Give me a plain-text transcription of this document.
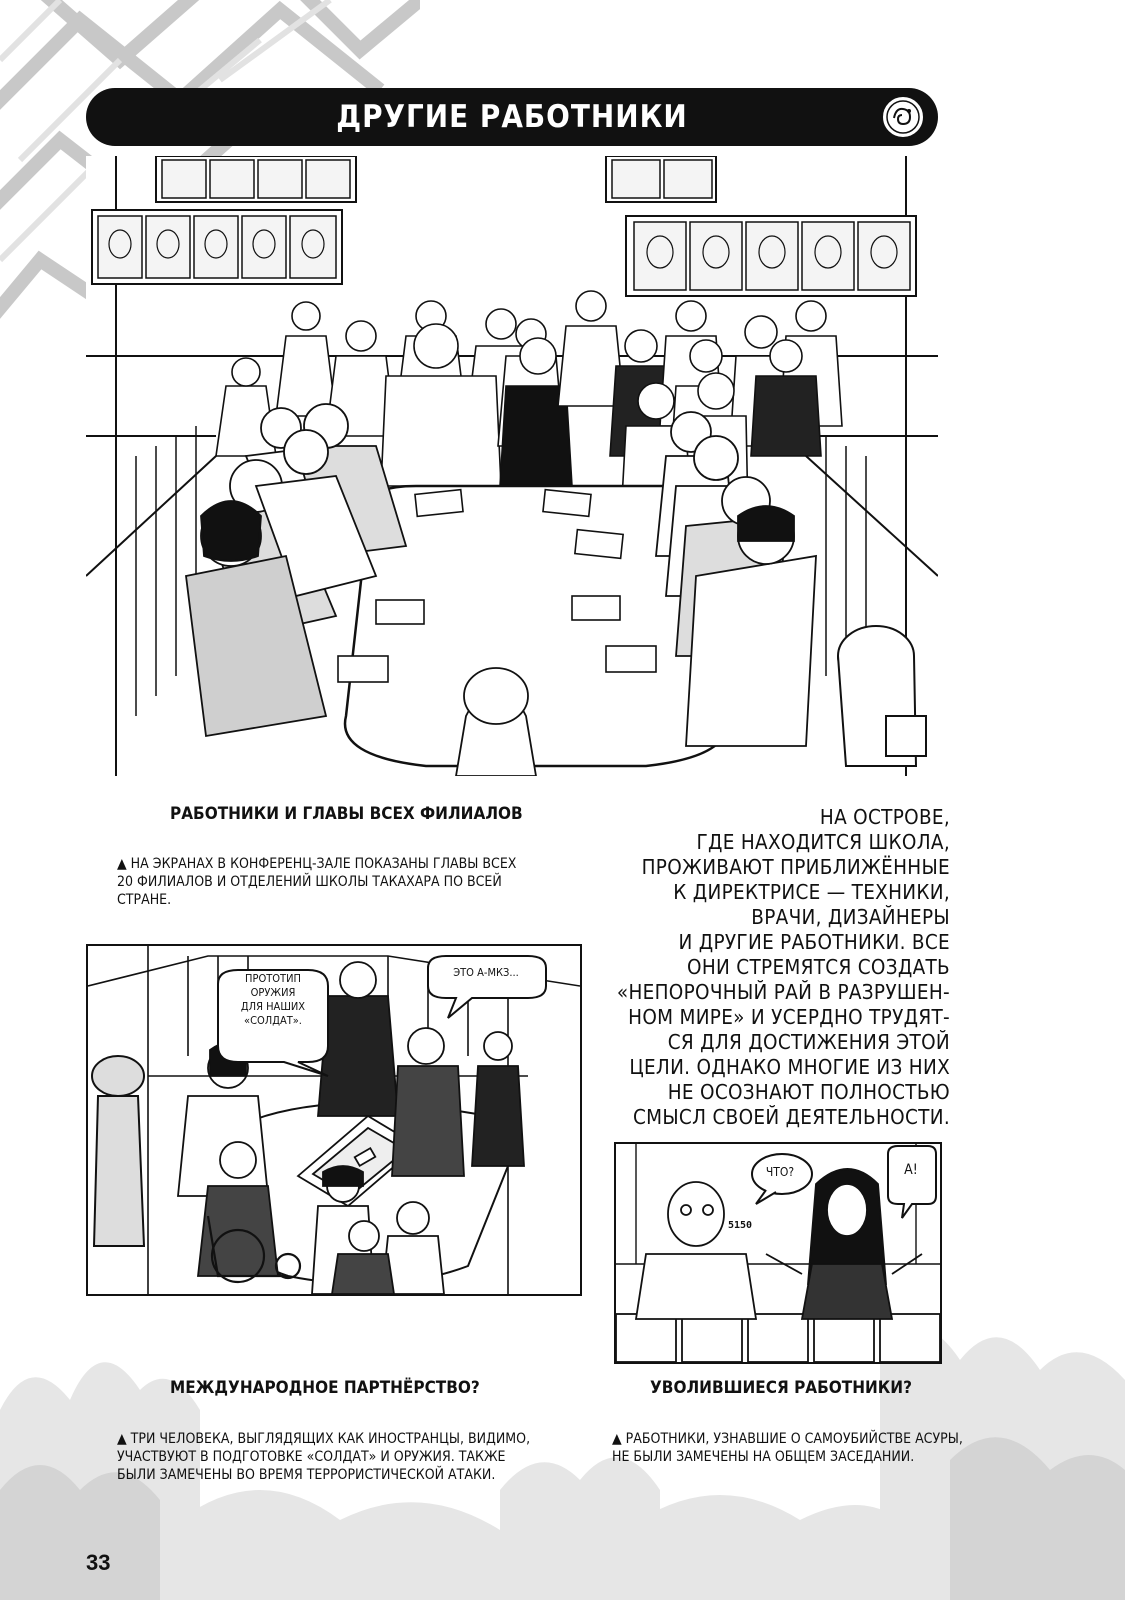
ДРУГИЕ РАБОТНИКИ
РАБОТНИКИ И ГЛАВЫ ВСЕХ ФИЛИАЛОВ
▲ НА ЭКРАНАХ В КОНФЕРЕНЦ-ЗАЛЕ ПОКАЗАНЫ ГЛАВЫ ВСЕХ
20 ФИЛИАЛОВ И ОТДЕЛЕНИЙ ШКОЛЫ ТАКАХАРА ПО ВСЕЙ
СТРАНЕ.
НА ОСТРОВЕ,
ГДЕ НАХОДИТСЯ ШКОЛА,
ПРОЖИВАЮТ ПРИБЛИЖЁННЫЕ
К ДИРЕКТРИСЕ — ТЕХНИКИ,
ВРАЧИ, ДИЗАЙНЕРЫ
И ДРУГИЕ РАБОТНИКИ. ВСЕ
ОНИ СТРЕМЯТСЯ СОЗДАТЬ
«НЕПОРОЧНЫЙ РАЙ В РАЗРУШЕН-
НОМ МИРЕ» И УСЕРДНО ТРУДЯТ-
СЯ ДЛЯ ДОСТИЖЕНИЯ ЭТОЙ
ЦЕЛИ. ОДНАКО МНОГИЕ ИЗ НИХ
НЕ ОСОЗНАЮТ ПОЛНОСТЬЮ
СМЫСЛ СВОЕЙ ДЕЯТЕЛЬНОСТИ.
ПРОТОТИП
ОРУЖИЯ
ДЛЯ НАШИХ
«СОЛДАТ».
ЭТО А-МКЗ...
5150
ЧТО?	А!
МЕЖДУНАРОДНОЕ ПАРТНЁРСТВО?
▲ ТРИ ЧЕЛОВЕКА, ВЫГЛЯДЯЩИХ КАК ИНОСТРАНЦЫ, ВИДИМО,
УЧАСТВУЮТ В ПОДГОТОВКЕ «СОЛДАТ» И ОРУЖИЯ. ТАКЖЕ
БЫЛИ ЗАМЕЧЕНЫ ВО ВРЕМЯ ТЕРРОРИСТИЧЕСКОЙ АТАКИ.
УВОЛИВШИЕСЯ РАБОТНИКИ?
▲ РАБОТНИКИ, УЗНАВШИЕ О САМОУБИЙСТВЕ АСУРЫ,
НЕ БЫЛИ ЗАМЕЧЕНЫ НА ОБЩЕМ ЗАСЕДАНИИ.
33
